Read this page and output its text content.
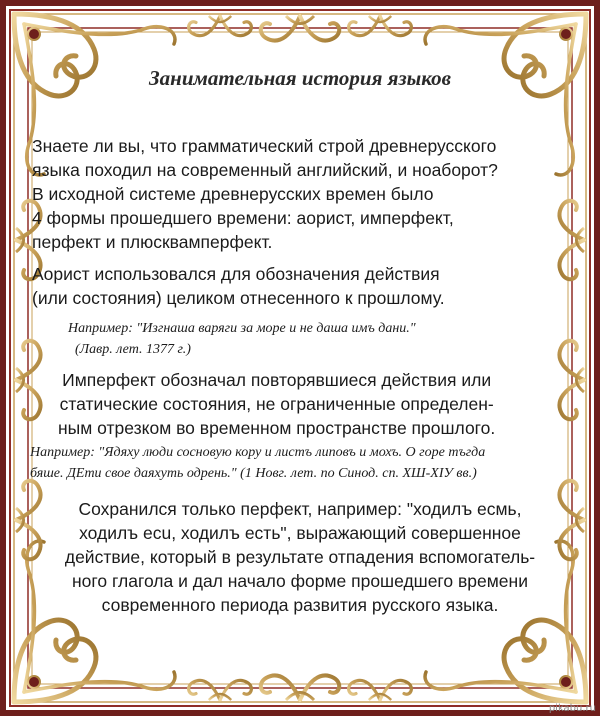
Занимательная история языков
Знаете ли вы, что грамматический строй древнерусского
языка походил на современный английский, и ноаборот?
В исходной системе древнерусских времен было
4 формы прошедшего времени: аорист, имперфект,
перфект и плюсквамперфект.
Аорист использовался для обозначения действия
(или состояния) целиком отнесенного к прошлому.
Например: "Изгнаша варяги за море и не даша имъ дани."
(Лавр. лет. 1377 г.)
Имперфект обозначал повторявшиеся действия или
статические состояния, не ограниченные определен-
ным отрезком во временном пространстве прошлого.
Например: "Ядяху люди сосновую кору и листъ липовъ и мохъ. О горе тъгда
бяше. ДЕти свое даяхуть одрень." (1 Новг. лет. по Синод. сп. ХШ-XIУ вв.)
Сохранился только перфект, например: "ходилъ есмь,
ходилъ есu, ходилъ есть", выражающий совершенное
действие, который в результате отпадения вспомогатель-
ного глагола и дал начало форме прошедшего времени
современного периода развития русского языка.
pikabu.ru
